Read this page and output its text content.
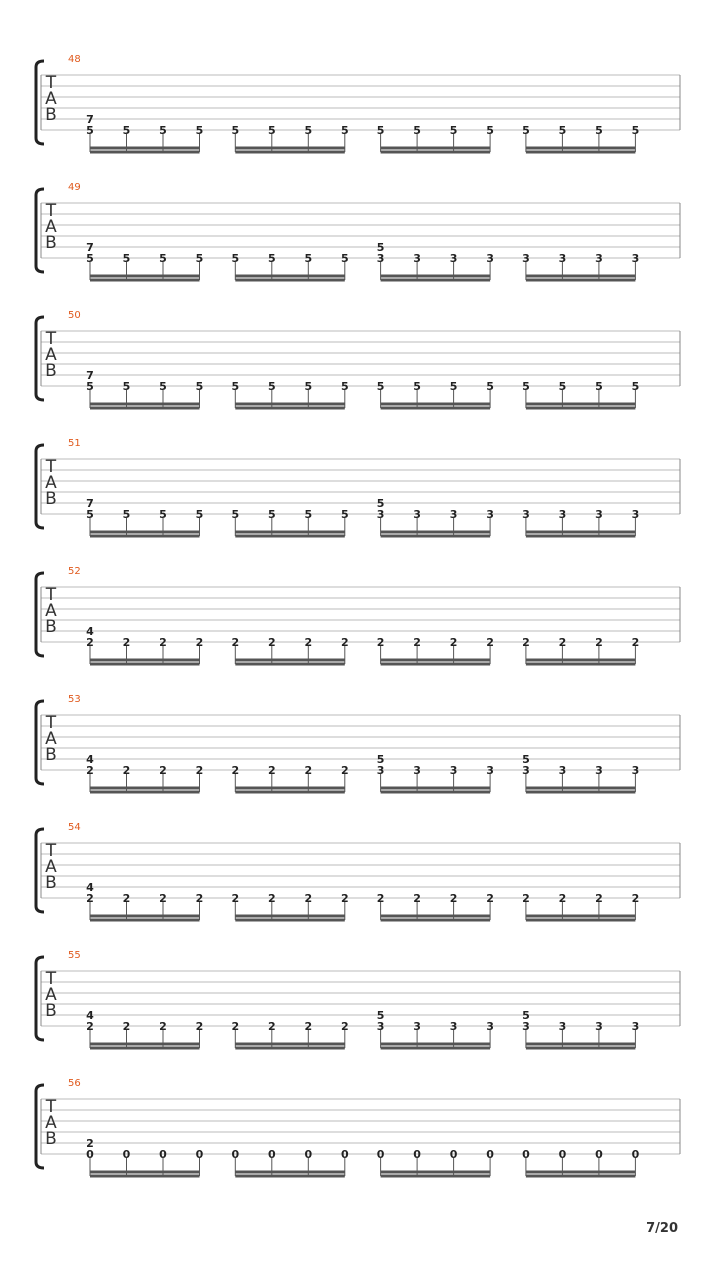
T
A
B
48
7
5	5	5	5	5	5	5	5	5	5	5	5	5	5	5	5
T
A
B
49
7
5	5	5	5	5	5	5	5
5
3	3	3	3	3	3	3	3
T
A
B
50
7
5	5	5	5	5	5	5	5	5	5	5	5	5	5	5	5
T
A
B
51
7
5	5	5	5	5	5	5	5
5
3	3	3	3	3	3	3	3
T
A
B
52
4
2	2	2	2	2	2	2	2	2	2	2	2	2	2	2	2
T
A
B
53
4
2	2	2	2	2	2	2	2
5
3	3	3	3
5
3	3	3	3
T
A
B
54
4
2	2	2	2	2	2	2	2	2	2	2	2	2	2	2	2
T
A
B
55
4
2	2	2	2	2	2	2	2
5
3	3	3	3
5
3	3	3	3
T
A
B
56
2
0	0	0	0	0	0	0	0	0	0	0	0	0	0	0	0
7/20
